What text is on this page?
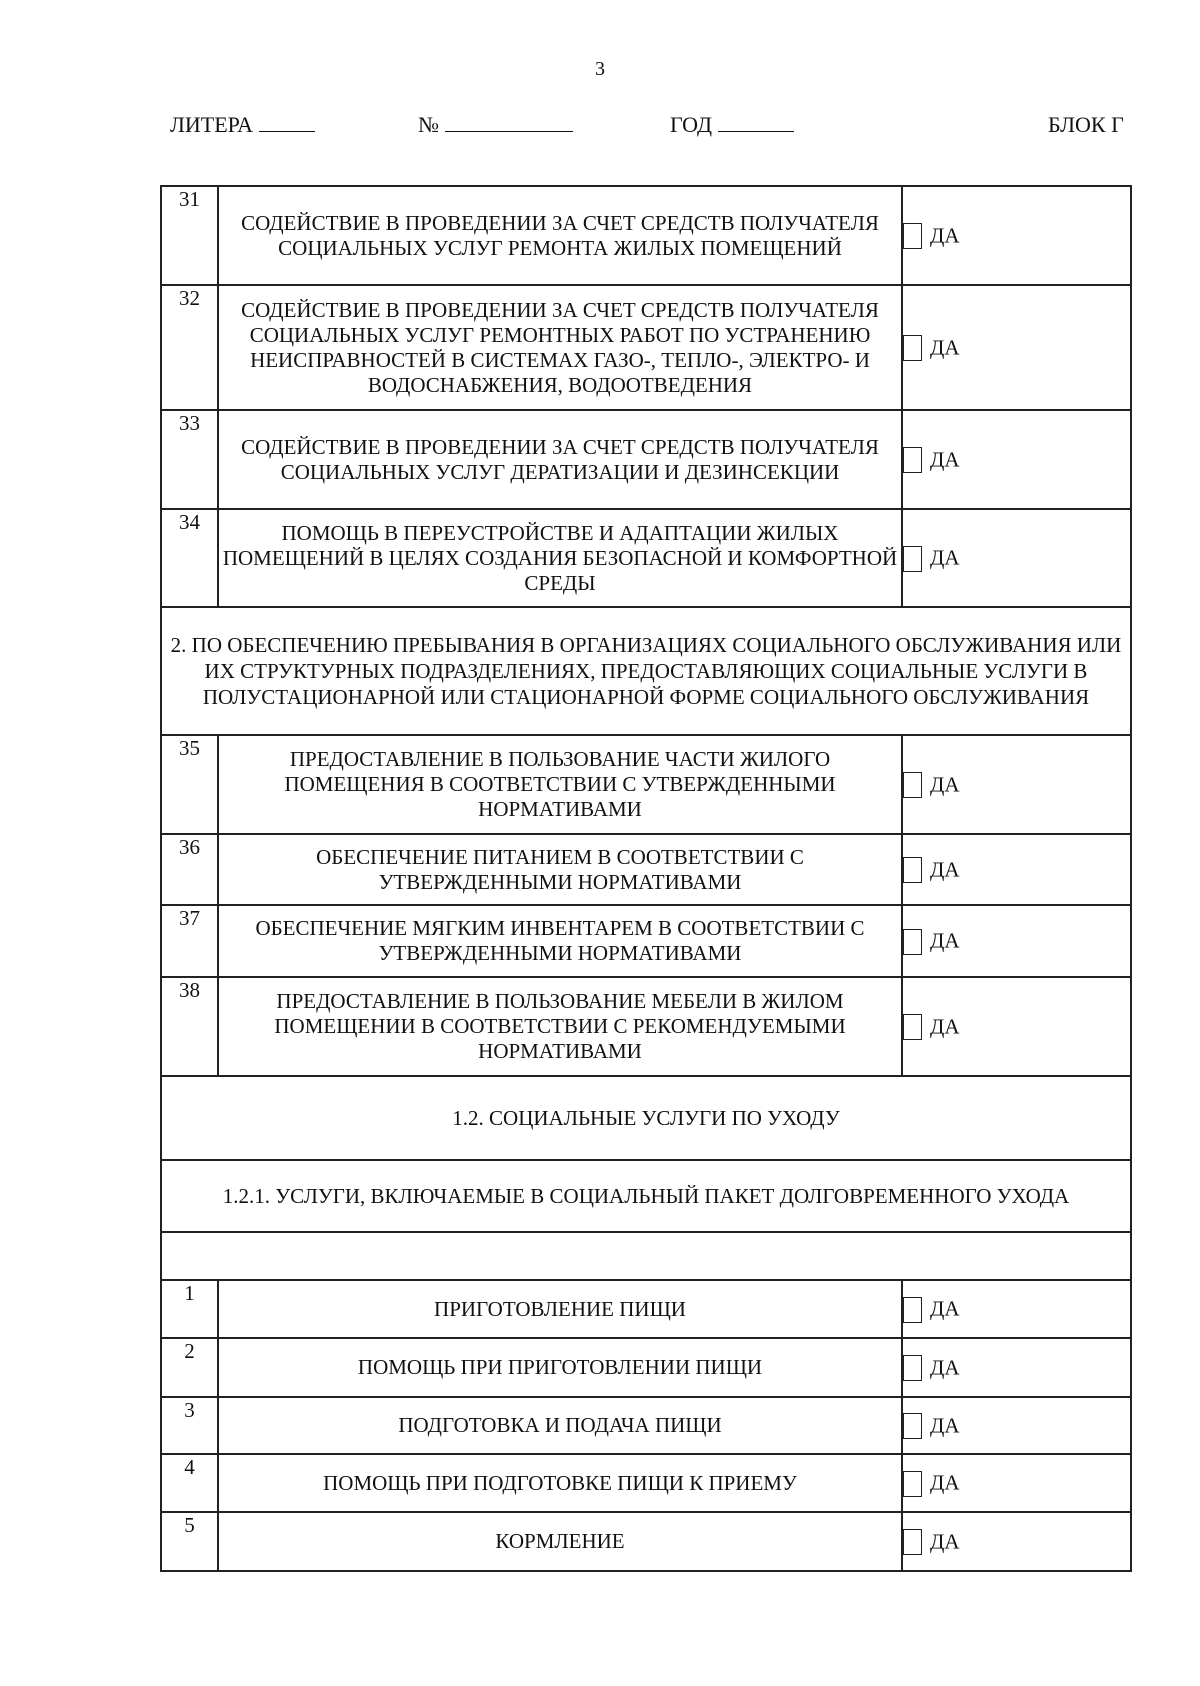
3
ЛИТЕРА	№	ГОД	БЛОК Г
31	СОДЕЙСТВИЕ В ПРОВЕДЕНИИ ЗА СЧЕТ СРЕДСТВ ПОЛУЧАТЕЛЯ СОЦИАЛЬНЫХ УСЛУГ РЕМОНТА ЖИЛЫХ ПОМЕЩЕНИЙ	ДА
32	СОДЕЙСТВИЕ В ПРОВЕДЕНИИ ЗА СЧЕТ СРЕДСТВ ПОЛУЧАТЕЛЯ СОЦИАЛЬНЫХ УСЛУГ РЕМОНТНЫХ РАБОТ ПО УСТРАНЕНИЮ НЕИСПРАВНОСТЕЙ В СИСТЕМАХ ГАЗО-, ТЕПЛО-, ЭЛЕКТРО- И ВОДОСНАБЖЕНИЯ, ВОДООТВЕДЕНИЯ	ДА
33	СОДЕЙСТВИЕ В ПРОВЕДЕНИИ ЗА СЧЕТ СРЕДСТВ ПОЛУЧАТЕЛЯ СОЦИАЛЬНЫХ УСЛУГ ДЕРАТИЗАЦИИ И ДЕЗИНСЕКЦИИ	ДА
34	ПОМОЩЬ В ПЕРЕУСТРОЙСТВЕ И АДАПТАЦИИ ЖИЛЫХ ПОМЕЩЕНИЙ В ЦЕЛЯХ СОЗДАНИЯ БЕЗОПАСНОЙ И КОМФОРТНОЙ СРЕДЫ	ДА
2. ПО ОБЕСПЕЧЕНИЮ ПРЕБЫВАНИЯ В ОРГАНИЗАЦИЯХ СОЦИАЛЬНОГО ОБСЛУЖИВАНИЯ ИЛИ ИХ СТРУКТУРНЫХ ПОДРАЗДЕЛЕНИЯХ, ПРЕДОСТАВЛЯЮЩИХ СОЦИАЛЬНЫЕ УСЛУГИ В ПОЛУСТАЦИОНАРНОЙ ИЛИ СТАЦИОНАРНОЙ ФОРМЕ СОЦИАЛЬНОГО ОБСЛУЖИВАНИЯ		
35	ПРЕДОСТАВЛЕНИЕ В ПОЛЬЗОВАНИЕ ЧАСТИ ЖИЛОГО ПОМЕЩЕНИЯ В СООТВЕТСТВИИ С УТВЕРЖДЕННЫМИ НОРМАТИВАМИ	ДА
36	ОБЕСПЕЧЕНИЕ ПИТАНИЕМ В СООТВЕТСТВИИ С УТВЕРЖДЕННЫМИ НОРМАТИВАМИ	ДА
37	ОБЕСПЕЧЕНИЕ МЯГКИМ ИНВЕНТАРЕМ В СООТВЕТСТВИИ С УТВЕРЖДЕННЫМИ НОРМАТИВАМИ	ДА
38	ПРЕДОСТАВЛЕНИЕ В ПОЛЬЗОВАНИЕ МЕБЕЛИ В ЖИЛОМ ПОМЕЩЕНИИ В СООТВЕТСТВИИ С РЕКОМЕНДУЕМЫМИ НОРМАТИВАМИ	ДА
1.2. СОЦИАЛЬНЫЕ УСЛУГИ ПО УХОДУ		
1.2.1. УСЛУГИ, ВКЛЮЧАЕМЫЕ В СОЦИАЛЬНЫЙ ПАКЕТ ДОЛГОВРЕМЕННОГО УХОДА		

1	ПРИГОТОВЛЕНИЕ ПИЩИ	ДА
2	ПОМОЩЬ ПРИ ПРИГОТОВЛЕНИИ ПИЩИ	ДА
3	ПОДГОТОВКА И ПОДАЧА ПИЩИ	ДА
4	ПОМОЩЬ ПРИ ПОДГОТОВКЕ ПИЩИ К ПРИЕМУ	ДА
5	КОРМЛЕНИЕ	ДА
